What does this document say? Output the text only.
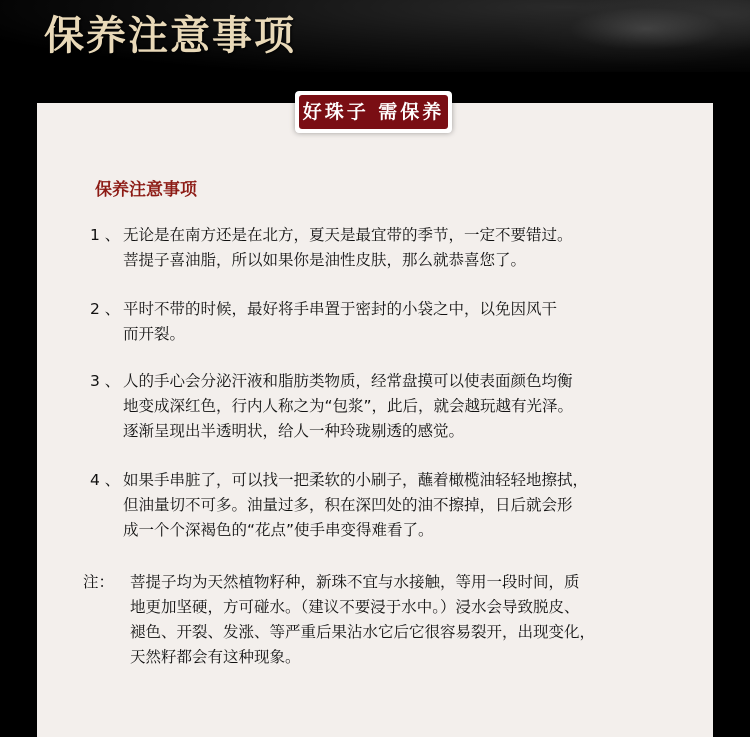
保养注意事项
好珠子 需保养
保养注意事项
1 、 无论是在南方还是在北方，夏天是最宜带的季节，一定不要错过。
菩提子喜油脂，所以如果你是油性皮肤，那么就恭喜您了。
2 、 平时不带的时候，最好将手串置于密封的小袋之中，以免因风干
而开裂。
3 、 人的手心会分泌汗液和脂肪类物质，经常盘摸可以使表面颜色均衡
地变成深红色，行内人称之为“包浆”，此后，就会越玩越有光泽。
逐渐呈现出半透明状，给人一种玲珑剔透的感觉。
4 、 如果手串脏了，可以找一把柔软的小刷子，蘸着橄榄油轻轻地擦拭，
但油量切不可多。油量过多，积在深凹处的油不擦掉，日后就会形
成一个个深褐色的“花点”使手串变得难看了。
注：	菩提子均为天然植物籽种，新珠不宜与水接触，等用一段时间，质
地更加坚硬，方可碰水。（建议不要浸于水中。）浸水会导致脱皮、
褪色、开裂、发涨、等严重后果沾水它后它很容易裂开，出现变化，
天然籽都会有这种现象。
